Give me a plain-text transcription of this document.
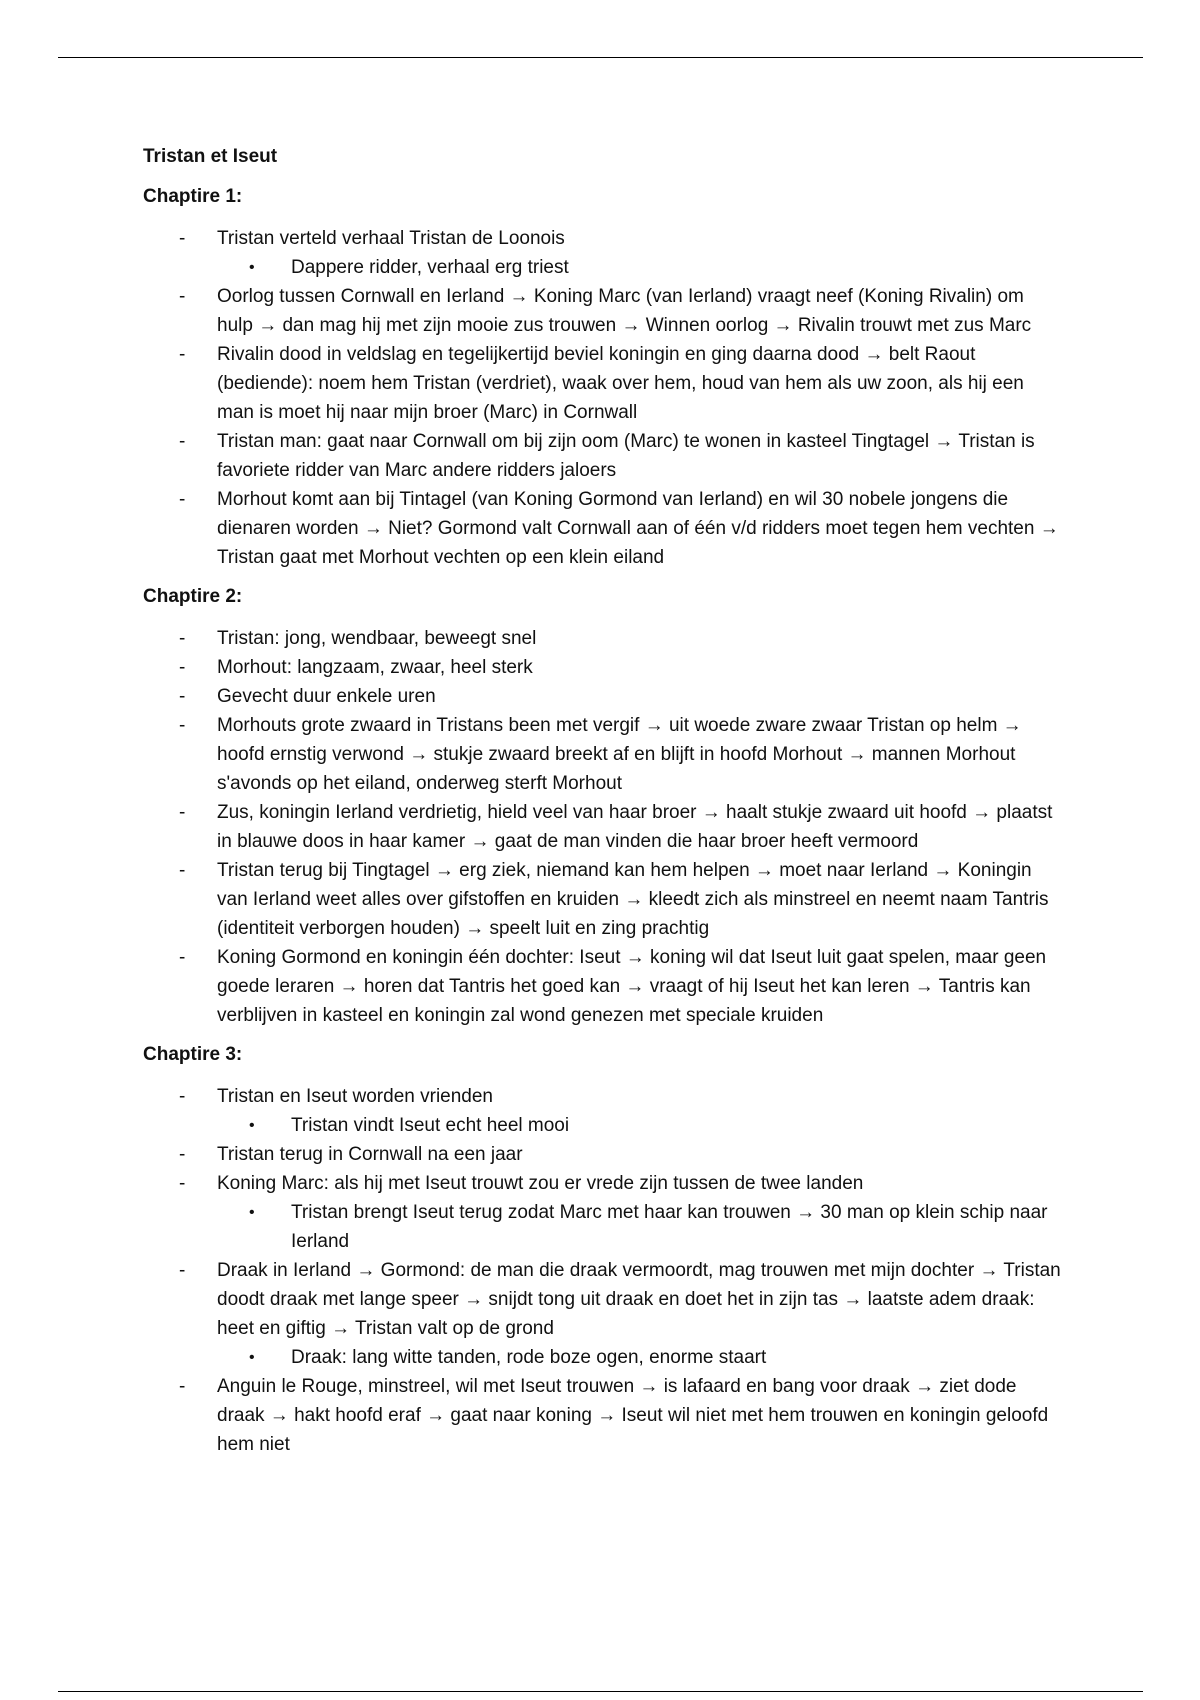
Tristan et Iseut
Chaptire 1:
-	Tristan verteld verhaal Tristan de Loonois
• Dappere ridder, verhaal erg triest
-	Oorlog tussen Cornwall en Ierland → Koning Marc (van Ierland) vraagt neef (Koning Rivalin) om hulp → dan mag hij met zijn mooie zus trouwen → Winnen oorlog → Rivalin trouwt met zus Marc
-	Rivalin dood in veldslag en tegelijkertijd beviel koningin en ging daarna dood → belt Raout (bediende): noem hem Tristan (verdriet), waak over hem, houd van hem als uw zoon, als hij een man is moet hij naar mijn broer (Marc) in Cornwall
-	Tristan man: gaat naar Cornwall om bij zijn oom (Marc) te wonen in kasteel Tingtagel → Tristan is favoriete ridder van Marc andere ridders jaloers
-	Morhout komt aan bij Tintagel (van Koning Gormond van Ierland) en wil 30 nobele jongens die dienaren worden → Niet? Gormond valt Cornwall aan of één v/d ridders moet tegen hem vechten → Tristan gaat met Morhout vechten op een klein eiland
Chaptire 2:
-	Tristan: jong, wendbaar, beweegt snel
-	Morhout: langzaam, zwaar, heel sterk
-	Gevecht duur enkele uren
-	Morhouts grote zwaard in Tristans been met vergif → uit woede zware zwaar Tristan op helm → hoofd ernstig verwond → stukje zwaard breekt af en blijft in hoofd Morhout → mannen Morhout s'avonds op het eiland, onderweg sterft Morhout
-	Zus, koningin Ierland verdrietig, hield veel van haar broer → haalt stukje zwaard uit hoofd → plaatst in blauwe doos in haar kamer → gaat de man vinden die haar broer heeft vermoord
-	Tristan terug bij Tingtagel → erg ziek, niemand kan hem helpen → moet naar Ierland → Koningin van Ierland weet alles over gifstoffen en kruiden → kleedt zich als minstreel en neemt naam Tantris (identiteit verborgen houden) → speelt luit en zing prachtig
-	Koning Gormond en koningin één dochter: Iseut → koning wil dat Iseut luit gaat spelen, maar geen goede leraren → horen dat Tantris het goed kan → vraagt of hij Iseut het kan leren → Tantris kan verblijven in kasteel en koningin zal wond genezen met speciale kruiden
Chaptire 3:
-	Tristan en Iseut worden vrienden
• Tristan vindt Iseut echt heel mooi
-	Tristan terug in Cornwall na een jaar
-	Koning Marc: als hij met Iseut trouwt zou er vrede zijn tussen de twee landen
• Tristan brengt Iseut terug zodat Marc met haar kan trouwen → 30 man op klein schip naar Ierland
-	Draak in Ierland → Gormond: de man die draak vermoordt, mag trouwen met mijn dochter → Tristan doodt draak met lange speer → snijdt tong uit draak en doet het in zijn tas → laatste adem draak: heet en giftig → Tristan valt op de grond
• Draak: lang witte tanden, rode boze ogen, enorme staart
-	Anguin le Rouge, minstreel, wil met Iseut trouwen → is lafaard en bang voor draak → ziet dode draak → hakt hoofd eraf → gaat naar koning → Iseut wil niet met hem trouwen en koningin geloofd hem niet
